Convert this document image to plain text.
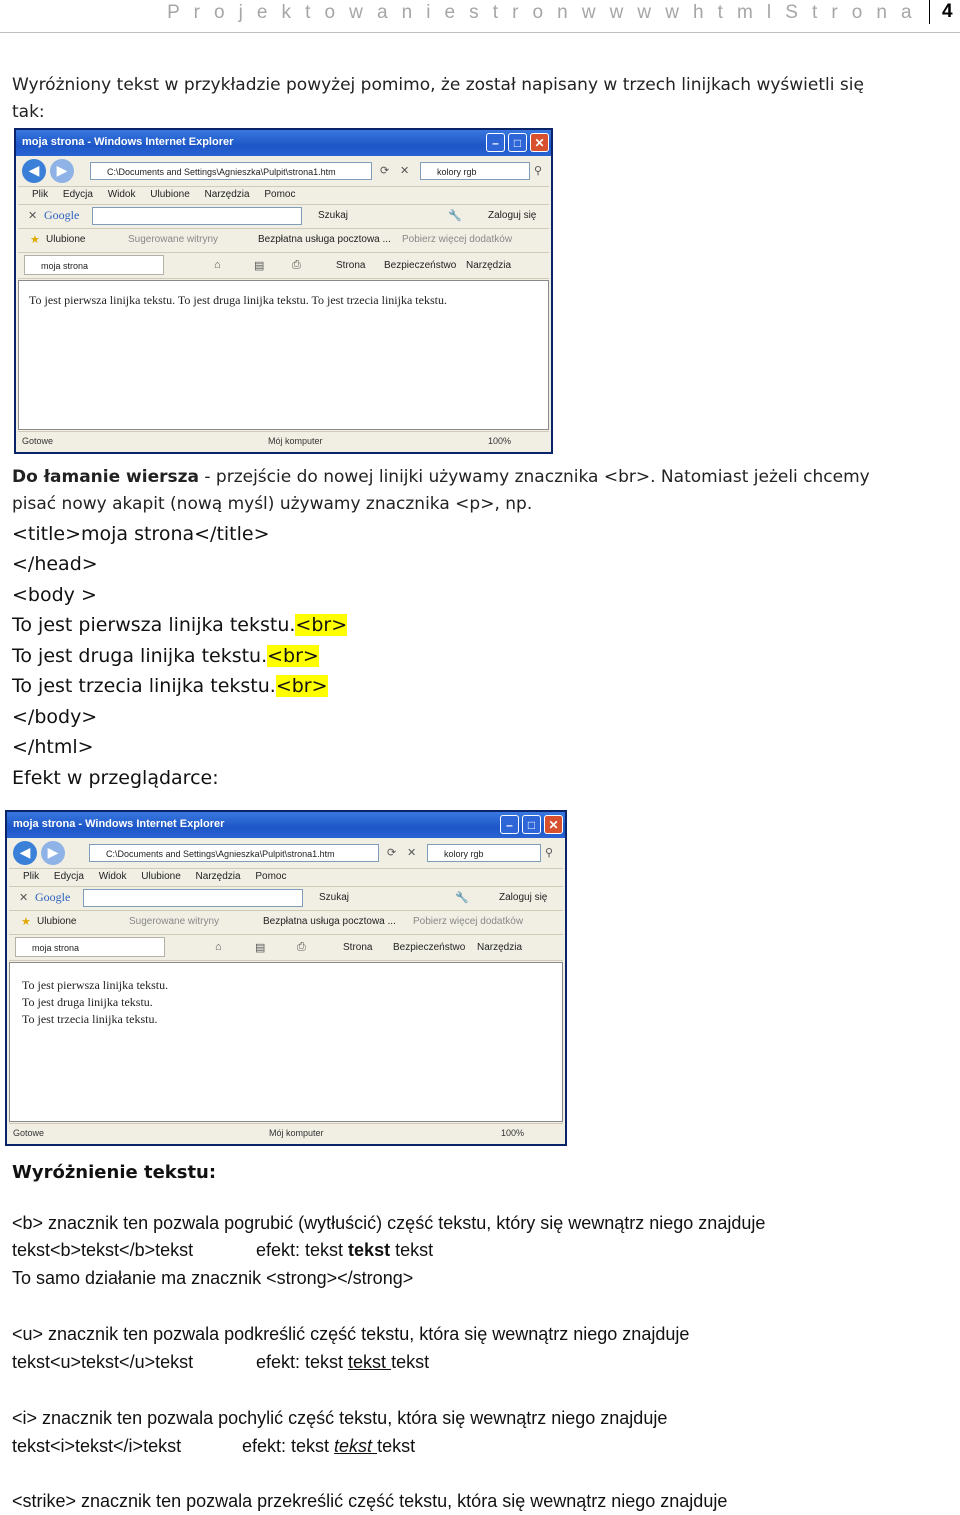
P r o j e k t o w a n i e s t r o n w w w w h t m l S t r o n a 4
Wyróżniony tekst w przykładzie powyżej pomimo, że został napisany w trzech linijkach wyświetli się
tak:
moja strona - Windows Internet Explorer	–	□	✕
◀	▶	C:\Documents and Settings\Agnieszka\Pulpit\strona1.htm	⟳ ✕	kolory rgb	⚲
Plik Edycja Widok Ulubione Narzędzia Pomoc
✕ Google	Szukaj	🔧	Zaloguj się
★ Ulubione	Sugerowane witryny	Bezpłatna usługa pocztowa ... Pobierz więcej dodatków
moja strona	⌂	▤	⎙	Strona Bezpieczeństwo Narzędzia
To jest pierwsza linijka tekstu. To jest druga linijka tekstu. To jest trzecia linijka tekstu.
Gotowe	Mój komputer	100%
Do łamanie wiersza - przejście do nowej linijki używamy znacznika <br>. Natomiast jeżeli chcemy
pisać nowy akapit (nową myśl) używamy znacznika <p>, np.
<title>moja strona</title>
</head>
<body >
To jest pierwsza linijka tekstu.<br>
To jest druga linijka tekstu.<br>
To jest trzecia linijka tekstu.<br>
</body>
</html>
Efekt w przeglądarce:
moja strona - Windows Internet Explorer	–	□	✕
◀	▶	C:\Documents and Settings\Agnieszka\Pulpit\strona1.htm	⟳ ✕	kolory rgb	⚲
Plik Edycja Widok Ulubione Narzędzia Pomoc
✕ Google	Szukaj	🔧	Zaloguj się
★ Ulubione	Sugerowane witryny	Bezpłatna usługa pocztowa ... Pobierz więcej dodatków
moja strona	⌂	▤	⎙	Strona Bezpieczeństwo Narzędzia
To jest pierwsza linijka tekstu.
To jest druga linijka tekstu.
To jest trzecia linijka tekstu.
Gotowe	Mój komputer	100%
Wyróżnienie tekstu:
<b> znacznik ten pozwala pogrubić (wytłuścić) część tekstu, który się wewnątrz niego znajduje
tekst<b>tekst</b>tekst	efekt: tekst tekst tekst
To samo działanie ma znacznik <strong></strong>
<u> znacznik ten pozwala podkreślić część tekstu, która się wewnątrz niego znajduje
tekst<u>tekst</u>tekst	efekt: tekst tekst tekst
<i> znacznik ten pozwala pochylić część tekstu, która się wewnątrz niego znajduje
tekst<i>tekst</i>tekst	efekt: tekst tekst tekst
<strike> znacznik ten pozwala przekreślić część tekstu, która się wewnątrz niego znajduje
